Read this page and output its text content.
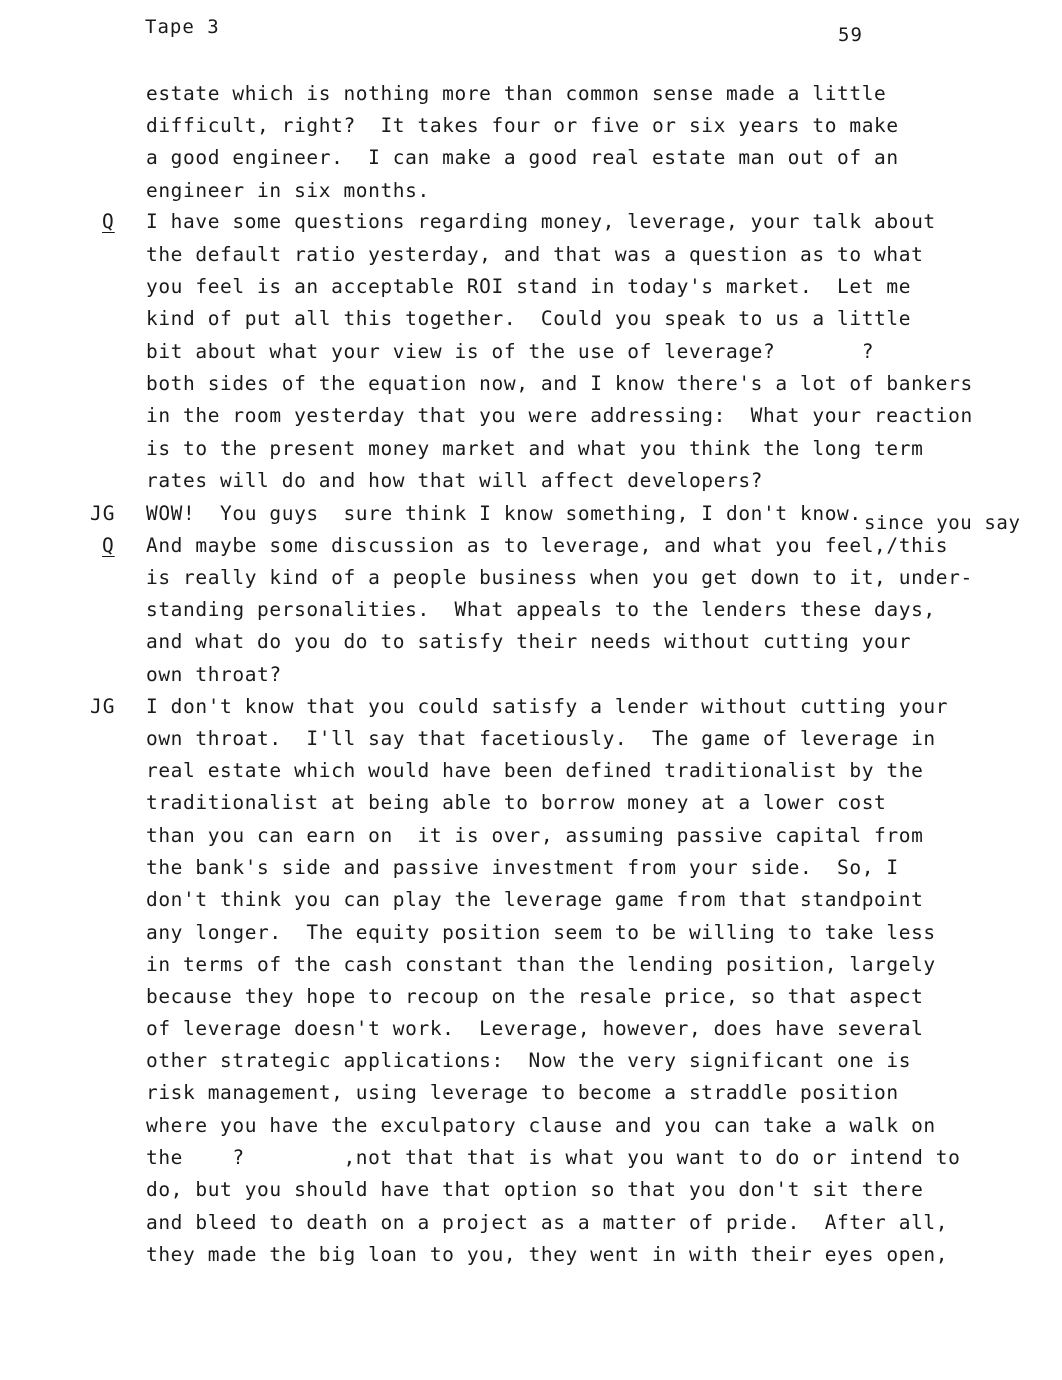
Tape 3	59
Q
JG
Q
JG
since you say
estate which is nothing more than common sense made a little
difficult, right?  It takes four or five or six years to make
a good engineer.  I can make a good real estate man out of an
engineer in six months.
I have some questions regarding money, leverage, your talk about
the default ratio yesterday, and that was a question as to what
you feel is an acceptable ROI stand in today's market.  Let me
kind of put all this together.  Could you speak to us a little
bit about what your view is of the use of leverage?       ?
both sides of the equation now, and I know there's a lot of bankers
in the room yesterday that you were addressing:  What your reaction
is to the present money market and what you think the long term
rates will do and how that will affect developers?
WOW!  You guys  sure think I know something, I don't know.
And maybe some discussion as to leverage, and what you feel,/this
is really kind of a people business when you get down to it, under-
standing personalities.  What appeals to the lenders these days,
and what do you do to satisfy their needs without cutting your
own throat?
I don't know that you could satisfy a lender without cutting your
own throat.  I'll say that facetiously.  The game of leverage in
real estate which would have been defined traditionalist by the
traditionalist at being able to borrow money at a lower cost
than you can earn on  it is over, assuming passive capital from
the bank's side and passive investment from your side.  So, I
don't think you can play the leverage game from that standpoint
any longer.  The equity position seem to be willing to take less
in terms of the cash constant than the lending position, largely
because they hope to recoup on the resale price, so that aspect
of leverage doesn't work.  Leverage, however, does have several
other strategic applications:  Now the very significant one is
risk management, using leverage to become a straddle position
where you have the exculpatory clause and you can take a walk on
the    ?        ,not that that is what you want to do or intend to
do, but you should have that option so that you don't sit there
and bleed to death on a project as a matter of pride.  After all,
they made the big loan to you, they went in with their eyes open,
